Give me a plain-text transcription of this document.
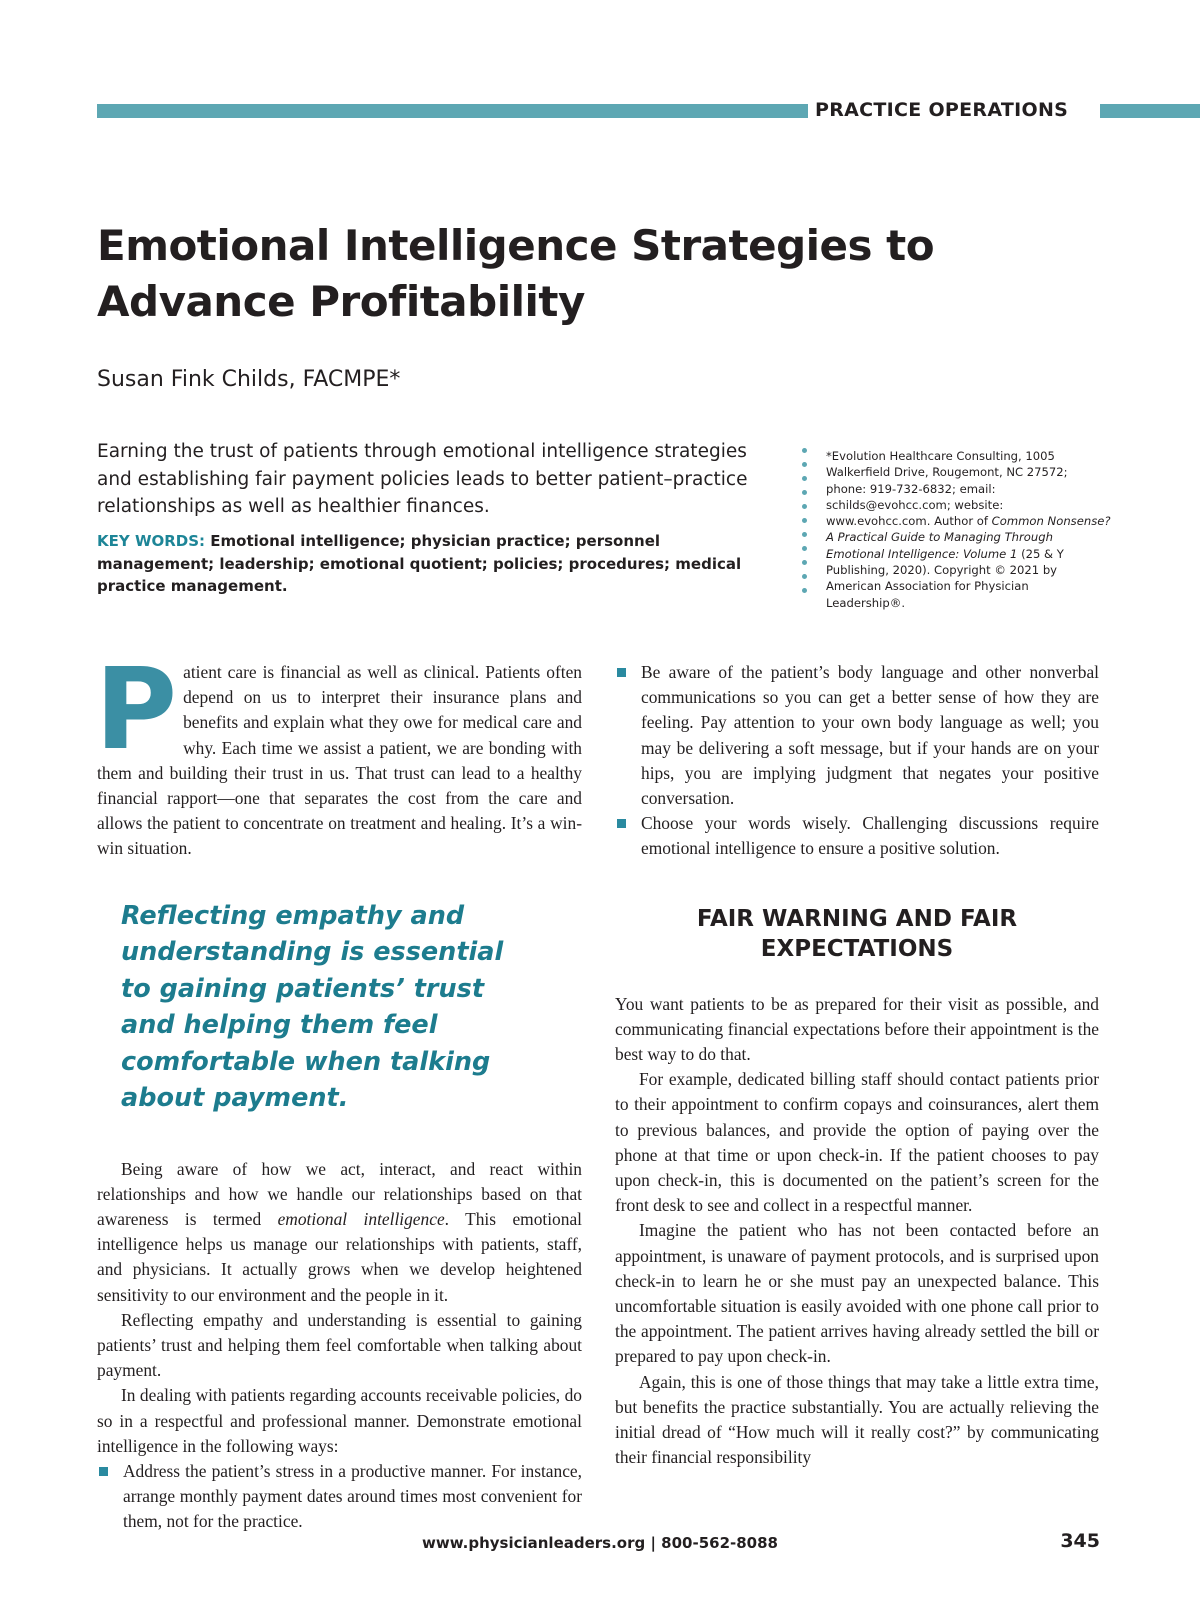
PRACTICE OPERATIONS
Emotional Intelligence Strategies to Advance Profitability
Susan Fink Childs, FACMPE*

Earning the trust of patients through emotional intelligence strategies and establishing fair payment policies leads to better patient–practice relationships as well as healthier finances.

KEY WORDS: Emotional intelligence; physician practice; personnel management; leadership; emotional quotient; policies; procedures; medical practice management.

*Evolution Healthcare Consulting, 1005 Walkerfield Drive, Rougemont, NC 27572; phone: 919-732-6832; email: schilds@evohcc.com; website: www.evohcc.com. Author of Common Nonsense? A Practical Guide to Managing Through Emotional Intelligence: Volume 1 (25 & Y Publishing, 2020). Copyright © 2021 by American Association for Physician Leadership®.

Patient care is financial as well as clinical. Patients often depend on us to interpret their insurance plans and benefits and explain what they owe for medical care and why. Each time we assist a patient, we are bonding with them and building their trust in us. That trust can lead to a healthy financial rapport—one that separates the cost from the care and allows the patient to concentrate on treatment and healing. It’s a win-win situation.

Reflecting empathy and understanding is essential to gaining patients’ trust and helping them feel comfortable when talking about payment.

Being aware of how we act, interact, and react within relationships and how we handle our relationships based on that awareness is termed emotional intelligence. This emotional intelligence helps us manage our relationships with patients, staff, and physicians. It actually grows when we develop heightened sensitivity to our environment and the people in it.

Reflecting empathy and understanding is essential to gaining patients’ trust and helping them feel comfortable when talking about payment.

In dealing with patients regarding accounts receivable policies, do so in a respectful and professional manner. Demonstrate emotional intelligence in the following ways:

Address the patient’s stress in a productive manner. For instance, arrange monthly payment dates around times most convenient for them, not for the practice.
Be aware of the patient’s body language and other nonverbal communications so you can get a better sense of how they are feeling. Pay attention to your own body language as well; you may be delivering a soft message, but if your hands are on your hips, you are implying judgment that negates your positive conversation.
Choose your words wisely. Challenging discussions require emotional intelligence to ensure a positive solution.
FAIR WARNING AND FAIR EXPECTATIONS

You want patients to be as prepared for their visit as possible, and communicating financial expectations before their appointment is the best way to do that.

For example, dedicated billing staff should contact patients prior to their appointment to confirm copays and coinsurances, alert them to previous balances, and provide the option of paying over the phone at that time or upon check-in. If the patient chooses to pay upon check-in, this is documented on the patient’s screen for the front desk to see and collect in a respectful manner.

Imagine the patient who has not been contacted before an appointment, is unaware of payment protocols, and is surprised upon check-in to learn he or she must pay an unexpected balance. This uncomfortable situation is easily avoided with one phone call prior to the appointment. The patient arrives having already settled the bill or prepared to pay upon check-in.

Again, this is one of those things that may take a little extra time, but benefits the practice substantially. You are actually relieving the initial dread of “How much will it really cost?” by communicating their financial responsibility

www.physicianleaders.org | 800-562-8088	345
